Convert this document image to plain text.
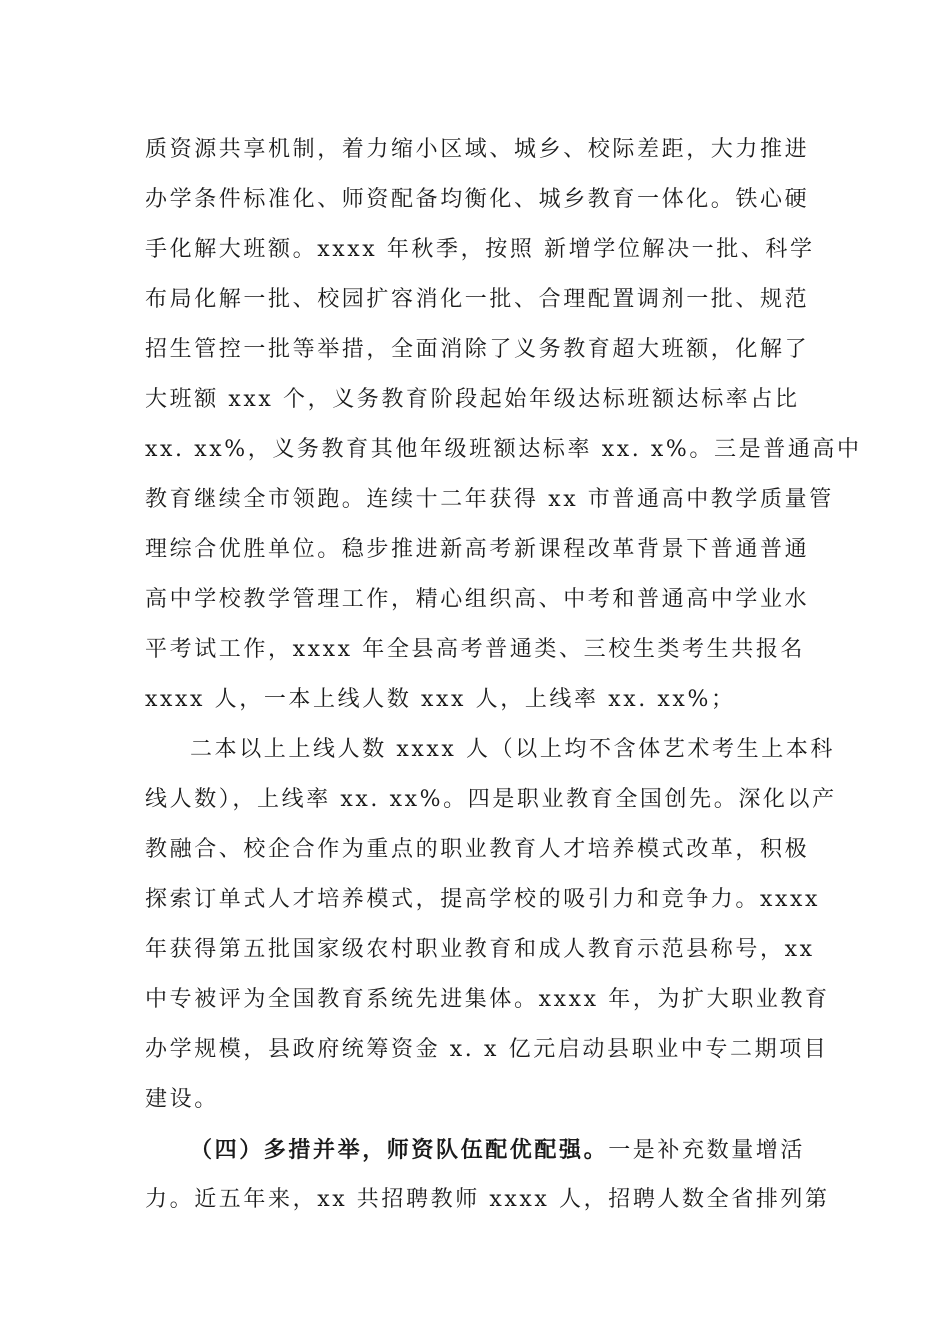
质资源共享机制，着力缩小区域、城乡、校际差距，大力推进
办学条件标准化、师资配备均衡化、城乡教育一体化。铁心硬
手化解大班额。xxxx 年秋季，按照 新增学位解决一批、科学
布局化解一批、校园扩容消化一批、合理配置调剂一批、规范
招生管控一批等举措，全面消除了义务教育超大班额，化解了
大班额 xxx 个，义务教育阶段起始年级达标班额达标率占比
xx. xx%，义务教育其他年级班额达标率 xx. x%。三是普通高中
教育继续全市领跑。连续十二年获得 xx 市普通高中教学质量管
理综合优胜单位。稳步推进新高考新课程改革背景下普通普通
高中学校教学管理工作，精心组织高、中考和普通高中学业水
平考试工作，xxxx 年全县高考普通类、三校生类考生共报名
xxxx 人，一本上线人数 xxx 人，上线率 xx. xx%；
二本以上上线人数 xxxx 人（以上均不含体艺术考生上本科
线人数），上线率 xx. xx%。四是职业教育全国创先。深化以产
教融合、校企合作为重点的职业教育人才培养模式改革，积极
探索订单式人才培养模式，提高学校的吸引力和竞争力。xxxx
年获得第五批国家级农村职业教育和成人教育示范县称号，xx
中专被评为全国教育系统先进集体。xxxx 年，为扩大职业教育
办学规模，县政府统筹资金 x. x 亿元启动县职业中专二期项目
建设。
（四）多措并举，师资队伍配优配强。一是补充数量增活
力。近五年来，xx 共招聘教师 xxxx 人，招聘人数全省排列第
